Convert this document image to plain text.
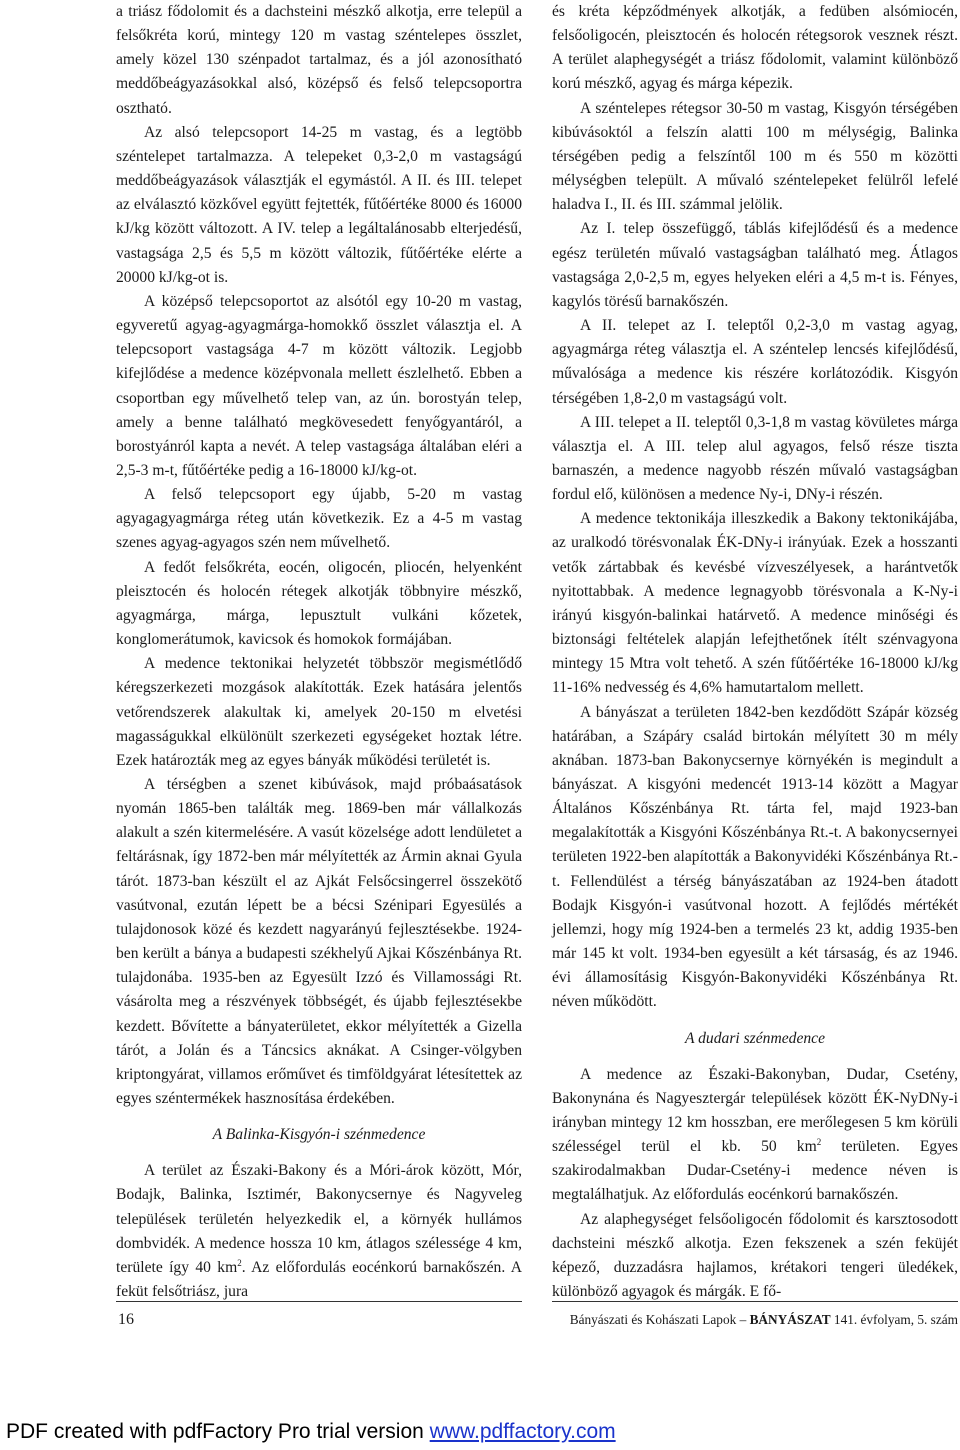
a triász fődolomit és a dachsteini mészkő alkotja, erre települ a felsőkréta korú, mintegy 120 m vastag széntelepes összlet, amely közel 130 szénpadot tartalmaz, és a jól azonosítható meddőbeágyazásokkal alsó, középső és felső telepcsoportra osztható.

Az alsó telepcsoport 14-25 m vastag, és a legtöbb széntelepet tartalmazza. A telepeket 0,3-2,0 m vastagságú meddőbeágyazások választják el egymástól. A II. és III. telepet az elválasztó közkővel együtt fejtették, fűtőértéke 8000 és 16000 kJ/kg között változott. A IV. telep a legáltalánosabb elterjedésű, vastagsága 2,5 és 5,5 m között változik, fűtőértéke elérte a 20000 kJ/kg-ot is.

A középső telepcsoportot az alsótól egy 10-20 m vastag, egyveretű agyag-agyagmárga-homokkő összlet választja el. A telepcsoport vastagsága 4-7 m között változik. Legjobb kifejlődése a medence középvonala mellett észlelhető. Ebben a csoportban egy művelhető telep van, az ún. borostyán telep, amely a benne található megkövesedett fenyőgyantáról, a borostyánról kapta a nevét. A telep vastagsága általában eléri a 2,5-3 m-t, fűtőértéke pedig a 16-18000 kJ/kg-ot.

A felső telepcsoport egy újabb, 5-20 m vastag agyagagyagmárga réteg után következik. Ez a 4-5 m vastag szenes agyag-agyagos szén nem művelhető.

A fedőt felsőkréta, eocén, oligocén, pliocén, helyenként pleisztocén és holocén rétegek alkotják többnyire mészkő, agyagmárga, márga, lepusztult vulkáni kőzetek, konglomerátumok, kavicsok és homokok formájában.

A medence tektonikai helyzetét többször megismétlődő kéregszerkezeti mozgások alakították. Ezek hatására jelentős vetőrendszerek alakultak ki, amelyek 20-150 m elvetési magasságukkal elkülönült szerkezeti egységeket hoztak létre. Ezek határozták meg az egyes bányák működési területét is.

A térségben a szenet kibúvások, majd próbaásatások nyomán 1865-ben találták meg. 1869-ben már vállalkozás alakult a szén kitermelésére. A vasút közelsége adott lendületet a feltárásnak, így 1872-ben már mélyítették az Ármin aknai Gyula tárót. 1873-ban készült el az Ajkát Felsőcsingerrel összekötő vasútvonal, ezután lépett be a bécsi Szénipari Egyesülés a tulajdonosok közé és kezdett nagyarányú fejlesztésekbe. 1924-ben került a bánya a budapesti székhelyű Ajkai Kőszénbánya Rt. tulajdonába. 1935-ben az Egyesült Izzó és Villamossági Rt. vásárolta meg a részvények többségét, és újabb fejlesztésekbe kezdett. Bővítette a bányaterületet, ekkor mélyítették a Gizella tárót, a Jolán és a Táncsics aknákat. A Csinger-völgyben kriptongyárat, villamos erőművet és timföldgyárat létesítettek az egyes széntermékek hasznosítása érdekében.

A Balinka-Kisgyón-i szénmedence

A terület az Északi-Bakony és a Móri-árok között, Mór, Bodajk, Balinka, Isztimér, Bakonycsernye és Nagyveleg települések területén helyezkedik el, a környék hullámos dombvidék. A medence hossza 10 km, átlagos szélessége 4 km, területe így 40 $km^2$. Az előfordulás eocénkorú barnakőszén. A feküt felsőtriász, jura

és kréta képződmények alkotják, a fedüben alsómiocén, felsőoligocén, pleisztocén és holocén rétegsorok vesznek részt. A terület alaphegységét a triász fődolomit, valamint különböző korú mészkő, agyag és márga képezik.

A széntelepes rétegsor 30-50 m vastag, Kisgyón térségében kibúvásoktól a felszín alatti 100 m mélységig, Balinka térségében pedig a felszíntől 100 m és 550 m közötti mélységben települt. A művaló széntelepeket felülről lefelé haladva I., II. és III. számmal jelölik.

Az I. telep összefüggő, táblás kifejlődésű és a medence egész területén művaló vastagságban található meg. Átlagos vastagsága 2,0-2,5 m, egyes helyeken eléri a 4,5 m-t is. Fényes, kagylós törésű barnakőszén.

A II. telepet az I. teleptől 0,2-3,0 m vastag agyag, agyagmárga réteg választja el. A széntelep lencsés kifejlődésű, művalósága a medence kis részére korlátozódik. Kisgyón térségében 1,8-2,0 m vastagságú volt.

A III. telepet a II. teleptől 0,3-1,8 m vastag kövületes márga választja el. A III. telep alul agyagos, felső része tiszta barnaszén, a medence nagyobb részén művaló vastagságban fordul elő, különösen a medence Ny-i, DNy-i részén.

A medence tektonikája illeszkedik a Bakony tektonikájába, az uralkodó törésvonalak ÉK-DNy-i irányúak. Ezek a hosszanti vetők zártabbak és kevésbé vízveszélyesek, a harántvetők nyitottabbak. A medence legnagyobb törésvonala a K-Ny-i irányú kisgyón-balinkai határvető. A medence minőségi és biztonsági feltételek alapján lefejthetőnek ítélt szénvagyona mintegy 15 Mtra volt tehető. A szén fűtőértéke 16-18000 kJ/kg 11-16% nedvesség és 4,6% hamutartalom mellett.

A bányászat a területen 1842-ben kezdődött Szápár község határában, a Szápáry család birtokán mélyített 30 m mély aknában. 1873-ban Bakonycsernye környékén is megindult a bányászat. A kisgyóni medencét 1913-14 között a Magyar Általános Kőszénbánya Rt. tárta fel, majd 1923-ban megalakították a Kisgyóni Kőszénbánya Rt.-t. A bakonycsernyei területen 1922-ben alapították a Bakonyvidéki Kőszénbánya Rt.-t. Fellendülést a térség bányászatában az 1924-ben átadott Bodajk Kisgyón-i vasútvonal hozott. A fejlődés mértékét jellemzi, hogy míg 1924-ben a termelés 23 kt, addig 1935-ben már 145 kt volt. 1934-ben egyesült a két társaság, és az 1946. évi államosításig Kisgyón-Bakonyvidéki Kőszénbánya Rt. néven működött.

A dudari szénmedence

A medence az Északi-Bakonyban, Dudar, Csetény, Bakonynána és Nagyesztergár települések között ÉK-NyDNy-i irányban mintegy 12 km hosszban, ere merőlegesen 5 km körüli szélességel terül el kb. 50 $km^2$ területen. Egyes szakirodalmakban Dudar-Csetény-i medence néven is megtalálhatjuk. Az előfordulás eocénkorú barnakőszén.

Az alaphegységet felsőoligocén fődolomit és karsztosodott dachsteini mészkő alkotja. Ezen fekszenek a szén feküjét képező, duzzadásra hajlamos, krétakori tengeri üledékek, különböző agyagok és márgák. E fő-

16	Bányászati és Kohászati Lapok – BÁNYÁSZAT 141. évfolyam, 5. szám
PDF created with pdfFactory Pro trial version www.pdffactory.com
